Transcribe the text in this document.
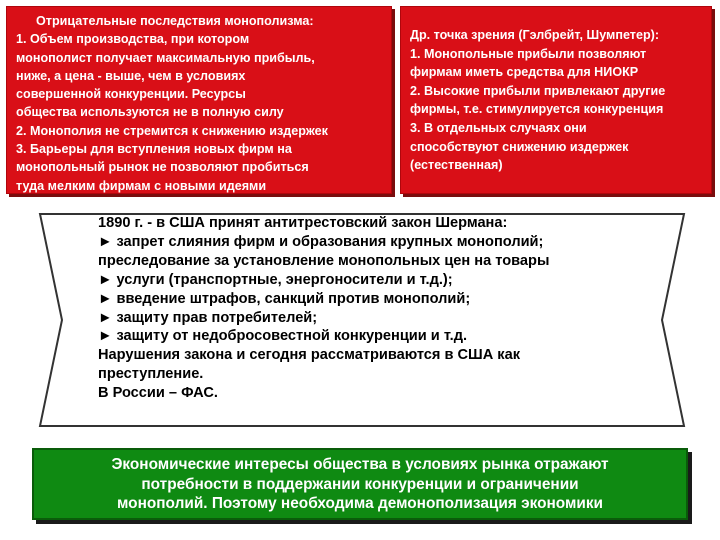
Отрицательные последствия монополизма:
1. Объем производства, при котором
монополист получает максимальную прибыль,
ниже, а цена - выше, чем в условиях
совершенной конкуренции. Ресурсы
общества используются не в полную силу
2. Монополия не стремится к снижению издержек
3. Барьеры для вступления новых фирм на
монопольный рынок не позволяют пробиться
туда мелким фирмам с новыми идеями
Др. точка зрения (Гэлбрейт, Шумпетер):
1. Монопольные прибыли позволяют
фирмам иметь средства для НИОКР
2. Высокие прибыли привлекают другие
фирмы, т.е. стимулируется конкуренция
3. В отдельных случаях они
способствуют снижению издержек
(естественная)
1890 г. - в США принят антитрестовский закон Шермана:
► запрет слияния фирм и образования крупных монополий;
преследование за установление монопольных цен на товары
► услуги (транспортные, энергоносители и т.д.);
► введение штрафов, санкций против монополий;
► защиту прав потребителей;
► защиту от недобросовестной конкуренции и т.д.
Нарушения закона и сегодня рассматриваются в США как
преступление.
В России – ФАС.
Экономические интересы общества в условиях рынка отражают
потребности в поддержании конкуренции и ограничении
монополий. Поэтому необходима демонополизация экономики
